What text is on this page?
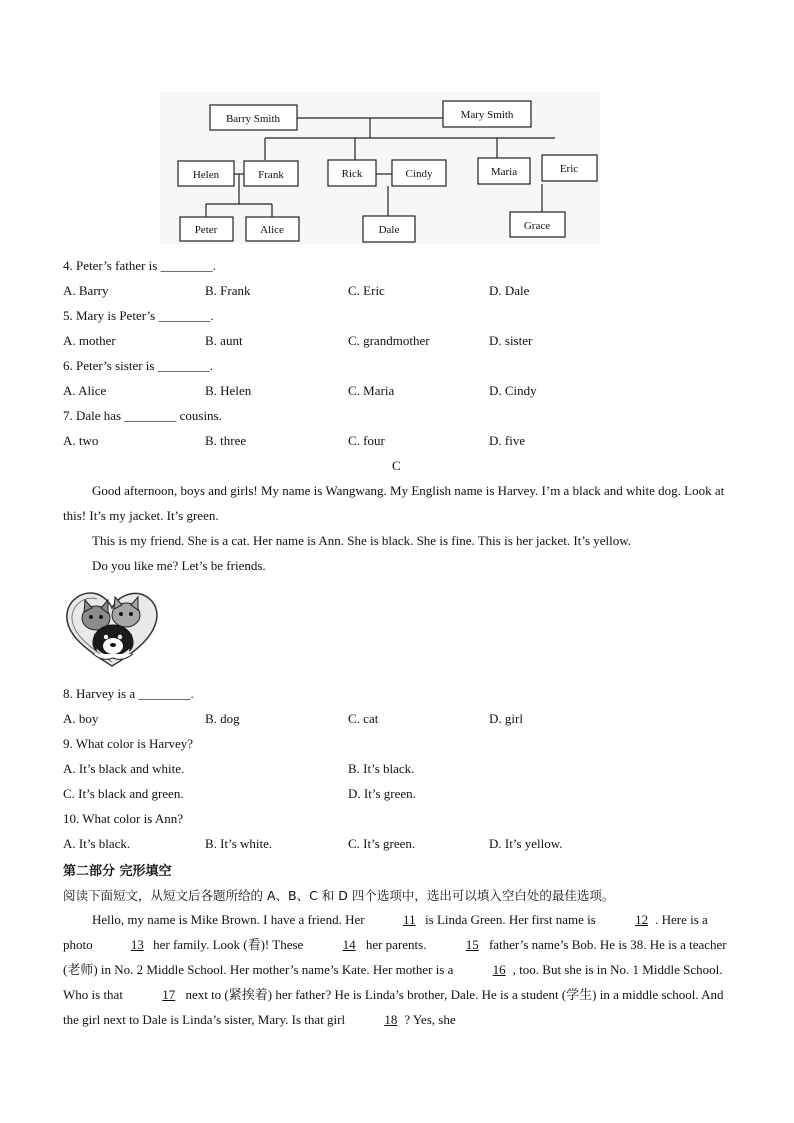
Barry Smith	Mary Smith
Helen	Frank	Rick	Cindy	Maria	Eric
Peter	Alice	Dale	Grace
4. Peter’s father is ________.
A. Barry	B. Frank	C. Eric	D. Dale
5. Mary is Peter’s ________.
A. mother	B. aunt	C. grandmother	D. sister
6. Peter’s sister is ________.
A. Alice	B. Helen	C. Maria	D. Cindy
7. Dale has ________ cousins.
A. two	B. three	C. four	D. five
C
Good afternoon, boys and girls! My name is Wangwang. My English name is Harvey. I’m a black and white dog. Look at this! It’s my jacket. It’s green.
This is my friend. She is a cat. Her name is Ann. She is black. She is fine. This is her jacket. It’s yellow.
Do you like me? Let’s be friends.
8. Harvey is a ________.
A. boy	B. dog	C. cat	D. girl
9. What color is Harvey?
A. It’s black and white.	B. It’s black.
C. It’s black and green.	D. It’s green.
10. What color is Ann?
A. It’s black.	B. It’s white.	C. It’s green.	D. It’s yellow.
第二部分 完形填空
阅读下面短文，从短文后各题所给的 A、B、C 和 D 四个选项中，选出可以填入空白处的最佳选项。
Hello, my name is Mike Brown. I have a friend. Her	11 is Linda Green. Her first name is	12 . Here is a photo	13 her family. Look (看)! These	14 her parents.	15 father’s name’s Bob. He is 38. He is a teacher (老师) in No. 2 Middle School. Her mother’s name’s Kate. Her mother is a	16 , too. But she is in No. 1 Middle School. Who is that	17 next to (紧挨着) her father? He is Linda’s brother, Dale. He is a student (学生) in a middle school. And the girl next to Dale is Linda’s sister, Mary. Is that girl	18 ? Yes, she
